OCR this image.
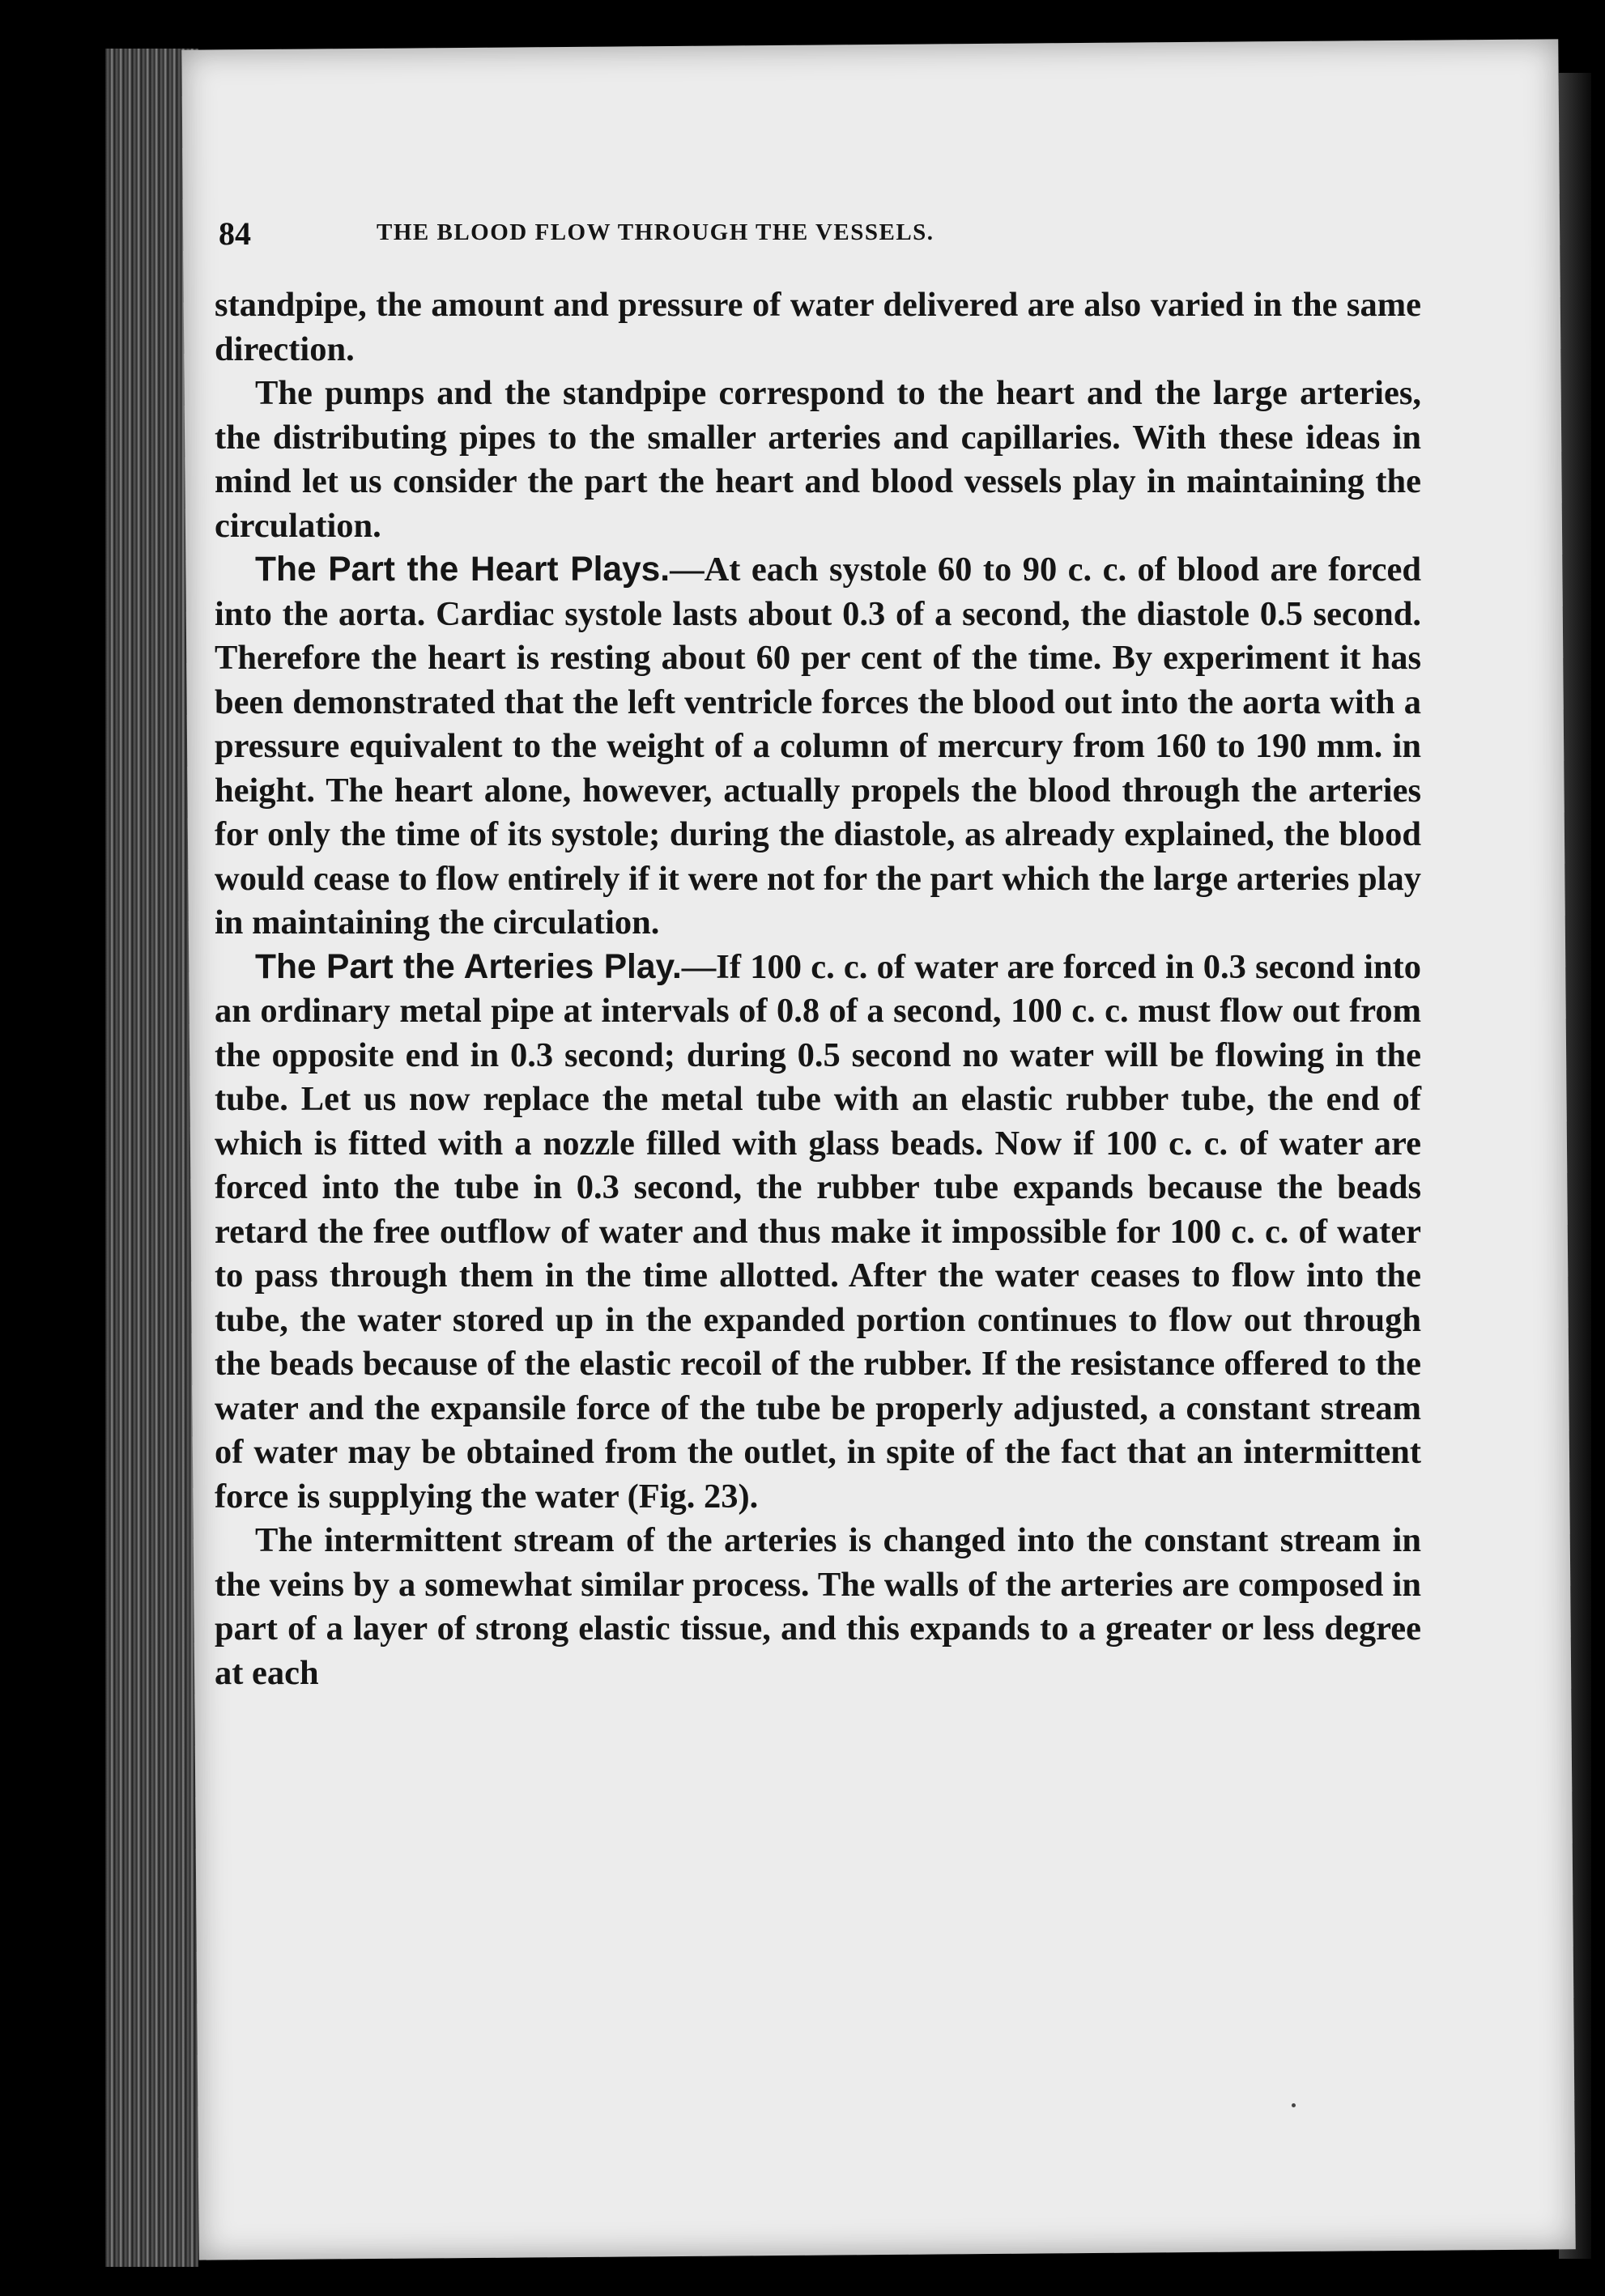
84	THE BLOOD FLOW THROUGH THE VESSELS.

standpipe, the amount and pressure of water delivered are also varied in the same direction.

The pumps and the standpipe correspond to the heart and the large arteries, the distributing pipes to the smaller arteries and capillaries. With these ideas in mind let us consider the part the heart and blood vessels play in maintaining the circulation.

The Part the Heart Plays.—At each systole 60 to 90 c. c. of blood are forced into the aorta. Cardiac systole lasts about 0.3 of a second, the diastole 0.5 second. Therefore the heart is resting about 60 per cent of the time. By experiment it has been demonstrated that the left ventricle forces the blood out into the aorta with a pressure equivalent to the weight of a column of mercury from 160 to 190 mm. in height. The heart alone, however, actually propels the blood through the arteries for only the time of its systole; during the diastole, as already explained, the blood would cease to flow entirely if it were not for the part which the large arteries play in maintaining the circulation.

The Part the Arteries Play.—If 100 c. c. of water are forced in 0.3 second into an ordinary metal pipe at intervals of 0.8 of a second, 100 c. c. must flow out from the opposite end in 0.3 second; during 0.5 second no water will be flowing in the tube. Let us now replace the metal tube with an elastic rubber tube, the end of which is fitted with a nozzle filled with glass beads. Now if 100 c. c. of water are forced into the tube in 0.3 second, the rubber tube expands because the beads retard the free outflow of water and thus make it impossible for 100 c. c. of water to pass through them in the time allotted. After the water ceases to flow into the tube, the water stored up in the expanded portion continues to flow out through the beads because of the elastic recoil of the rubber. If the resistance offered to the water and the expansile force of the tube be properly adjusted, a constant stream of water may be obtained from the outlet, in spite of the fact that an intermittent force is supplying the water (Fig. 23).

The intermittent stream of the arteries is changed into the constant stream in the veins by a somewhat similar process. The walls of the arteries are composed in part of a layer of strong elastic tissue, and this expands to a greater or less degree at each
